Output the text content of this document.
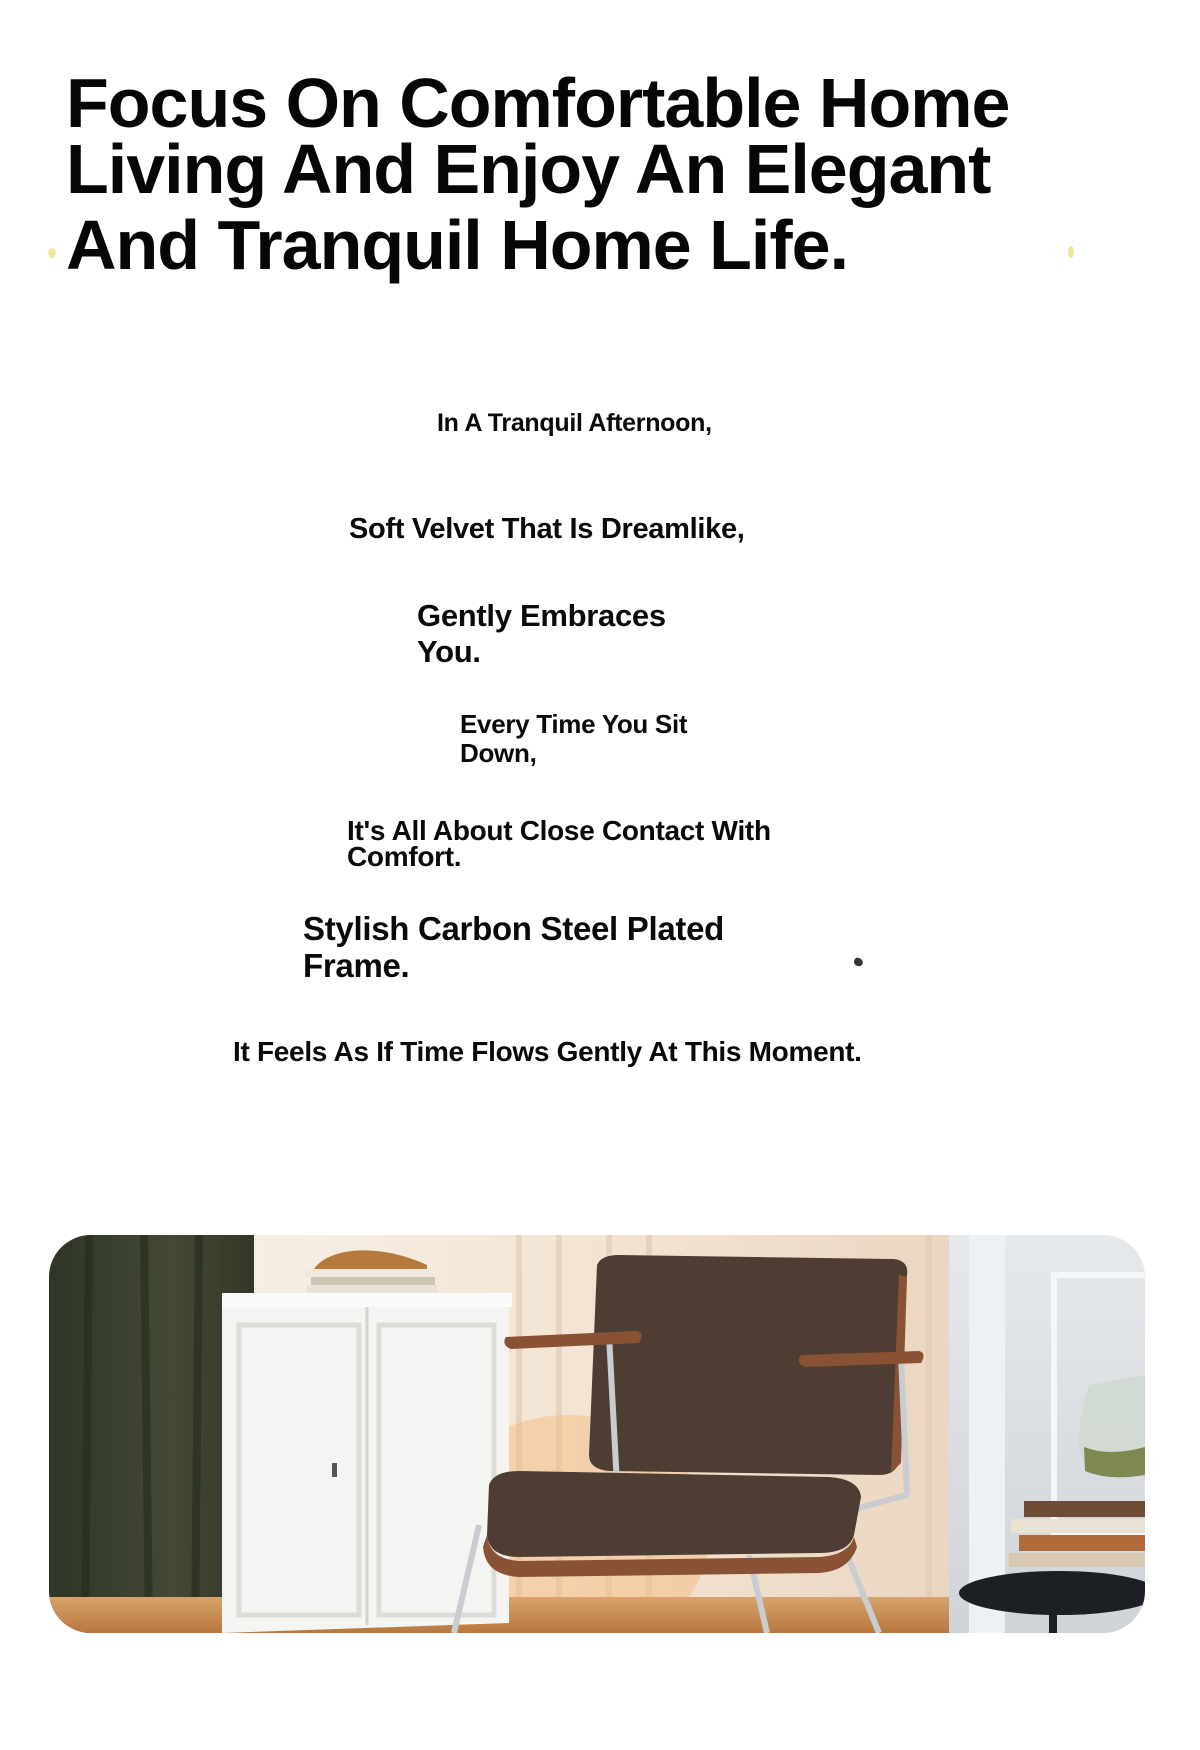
Focus On Comfortable Home
Living And Enjoy An Elegant
And Tranquil Home Life.

In A Tranquil Afternoon,

Soft Velvet That Is Dreamlike,

Gently Embraces You.

Every Time You Sit Down,

It's All About Close Contact With Comfort.

Stylish Carbon Steel Plated Frame.

It Feels As If Time Flows Gently At This Moment.
